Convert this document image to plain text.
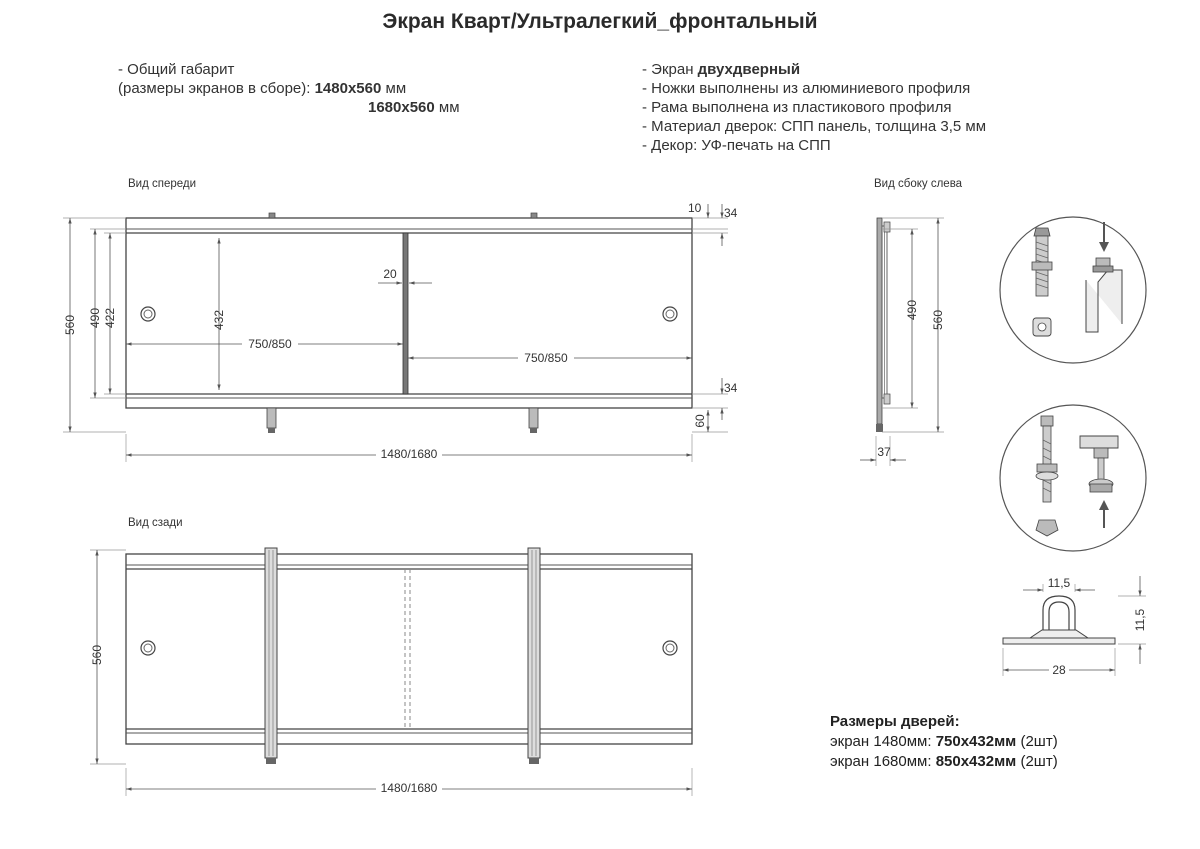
Экран Кварт/Ультралегкий_фронтальный
- Общий габарит
(размеры экранов в сборе): 1480x560 мм
1680x560 мм
- Экран двухдверный
- Ножки выполнены из алюминиевого профиля
- Рама выполнена из пластикового профиля
- Материал дверок: СПП панель, толщина 3,5 мм
- Декор: УФ-печать на СПП
Вид спереди	Вид сбоку слева
Вид сзади
560 490 422	432
20
750/850
750/850
10 34
34
60
1480/1680
490 560
37
11,5
11,5
28
560
1480/1680
Размеры дверей:
экран 1480мм: 750x432мм (2шт)
экран 1680мм: 850x432мм (2шт)
